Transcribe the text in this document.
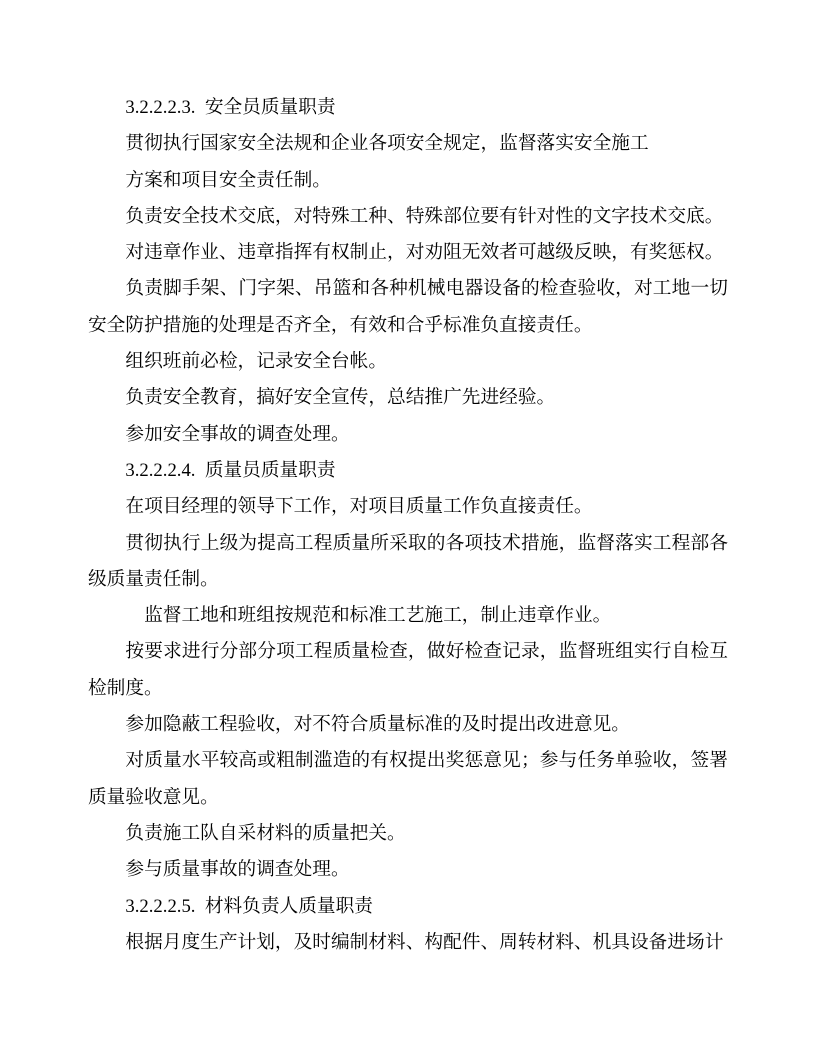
3.2.2.2.3.  安全员质量职责

贯彻执行国家安全法规和企业各项安全规定，监督落实安全施工

方案和项目安全责任制。

负责安全技术交底，对特殊工种、特殊部位要有针对性的文字技术交底。

对违章作业、违章指挥有权制止，对劝阻无效者可越级反映，有奖惩权。

负责脚手架、门字架、吊篮和各种机械电器设备的检查验收，对工地一切安全防护措施的处理是否齐全，有效和合乎标准负直接责任。

组织班前必检，记录安全台帐。

负责安全教育，搞好安全宣传，总结推广先进经验。

参加安全事故的调查处理。

3.2.2.2.4.  质量员质量职责

在项目经理的领导下工作，对项目质量工作负直接责任。

贯彻执行上级为提高工程质量所采取的各项技术措施，监督落实工程部各级质量责任制。

监督工地和班组按规范和标准工艺施工，制止违章作业。

按要求进行分部分项工程质量检查，做好检查记录，监督班组实行自检互检制度。

参加隐蔽工程验收，对不符合质量标准的及时提出改进意见。

对质量水平较高或粗制滥造的有权提出奖惩意见；参与任务单验收，签署质量验收意见。

负责施工队自采材料的质量把关。

参与质量事故的调查处理。

3.2.2.2.5.  材料负责人质量职责

根据月度生产计划，及时编制材料、构配件、周转材料、机具设备进场计
